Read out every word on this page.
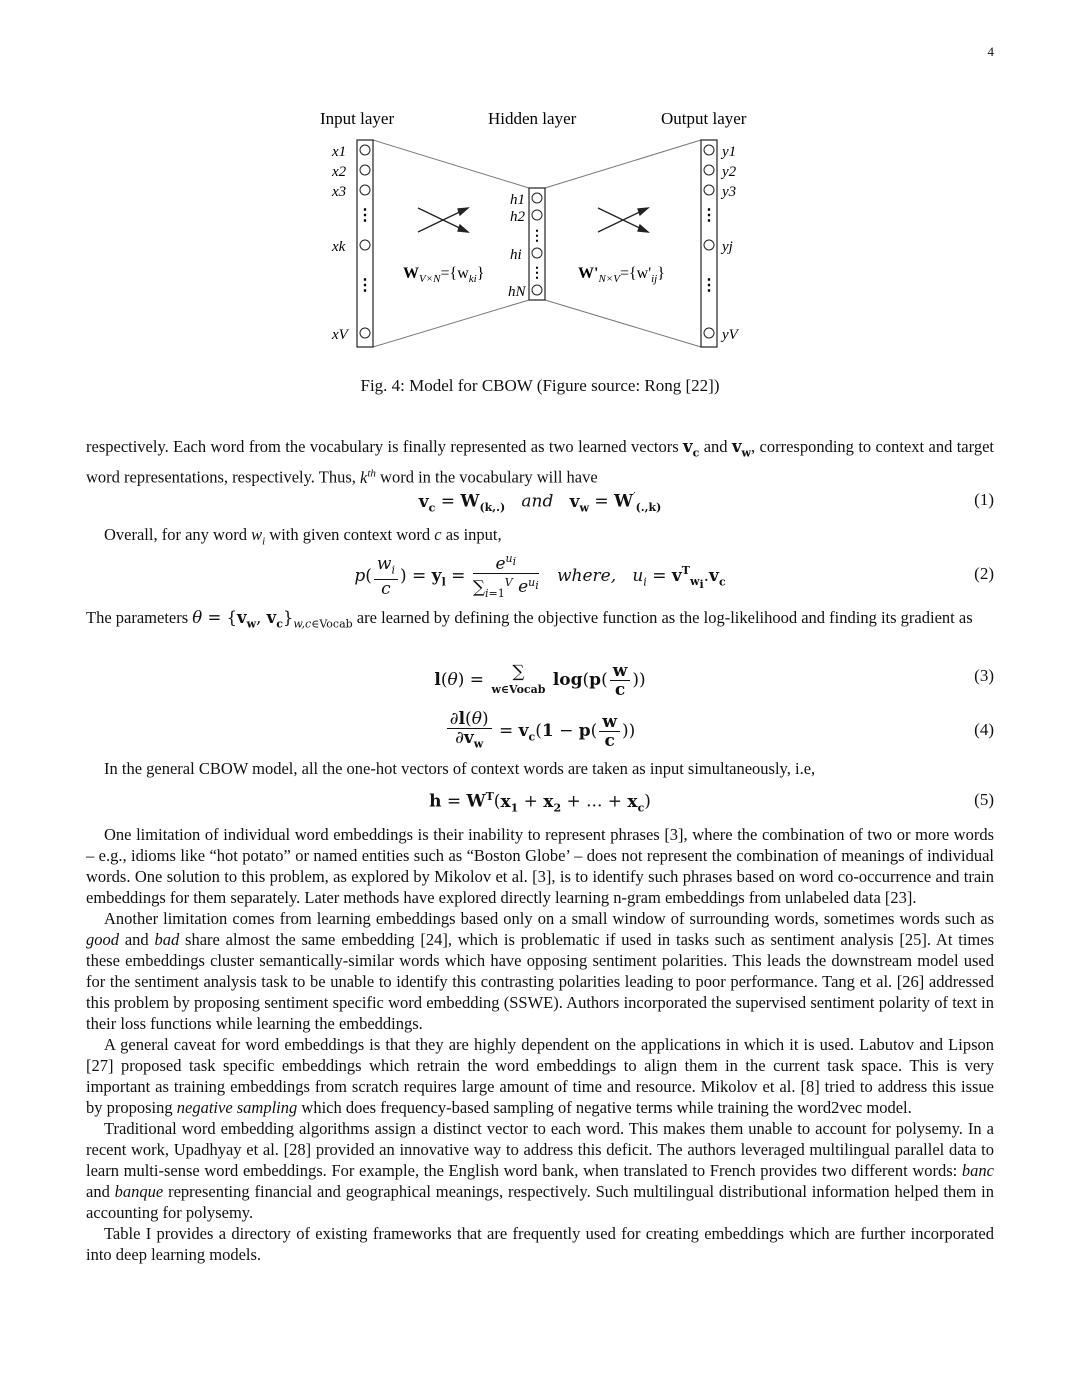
4
Input layer	Hidden layer	Output layer
⋮
⋮
x1
x2
x3
xk
xV
⋮
⋮
h1
h2
hi
hN
⋮
⋮
y1
y2
y3
yj
yV
$W_{V\times N}=\{w_{ki}\}$	$W'_{N\times V}=\{w'_{ij}\}$
Fig. 4: Model for CBOW (Figure source: Rong [22])

respectively. Each word from the vocabulary is finally represented as two learned vectors $v_c$ and $v_w$, corresponding to context and target word representations, respectively. Thus, $k^{th}$ word in the vocabulary will have

$v_c = W_{(k,.)}$ and $v_w = W'_{(.,k)}$	(1)

Overall, for any word $w_i$ with given context word c as input,

$p( \frac{w_i}{c}$ ) = $y_l = \frac{e^{u_i}}{\sum_{i=1}^V e^{u_i}}$ where, $u_i = v^T_{w_i}.v_c$	(2)

The parameters $\theta = \{v_w$, $v_c\}_{w,c\in Vocab}$ are learned by defining the objective function as the log-likelihood and finding its gradient as

l(θ) =	∑
w∈Vocab $\log(p( \frac{w}{c}$ ))	(3)
$\frac{\partial l(\theta)}{\partial v_w} = v_c(1 - p( \frac{w}{c}$ ))	(4)

In the general CBOW model, all the one-hot vectors of context words are taken as input simultaneously, i.e,

$h = W^T(x_1 + x_2$ + ... + $x_c$)	(5)

One limitation of individual word embeddings is their inability to represent phrases [3], where the combination of two or more words – e.g., idioms like “hot potato” or named entities such as “Boston Globe’ – does not represent the combination of meanings of individual words. One solution to this problem, as explored by Mikolov et al. [3], is to identify such phrases based on word co-occurrence and train embeddings for them separately. Later methods have explored directly learning n-gram embeddings from unlabeled data [23].

Another limitation comes from learning embeddings based only on a small window of surrounding words, sometimes words such as good and bad share almost the same embedding [24], which is problematic if used in tasks such as sentiment analysis [25]. At times these embeddings cluster semantically-similar words which have opposing sentiment polarities. This leads the downstream model used for the sentiment analysis task to be unable to identify this contrasting polarities leading to poor performance. Tang et al. [26] addressed this problem by proposing sentiment specific word embedding (SSWE). Authors incorporated the supervised sentiment polarity of text in their loss functions while learning the embeddings.

A general caveat for word embeddings is that they are highly dependent on the applications in which it is used. Labutov and Lipson [27] proposed task specific embeddings which retrain the word embeddings to align them in the current task space. This is very important as training embeddings from scratch requires large amount of time and resource. Mikolov et al. [8] tried to address this issue by proposing negative sampling which does frequency-based sampling of negative terms while training the word2vec model.

Traditional word embedding algorithms assign a distinct vector to each word. This makes them unable to account for polysemy. In a recent work, Upadhyay et al. [28] provided an innovative way to address this deficit. The authors leveraged multilingual parallel data to learn multi-sense word embeddings. For example, the English word bank, when translated to French provides two different words: banc and banque representing financial and geographical meanings, respectively. Such multilingual distributional information helped them in accounting for polysemy.

Table I provides a directory of existing frameworks that are frequently used for creating embeddings which are further incorporated into deep learning models.
